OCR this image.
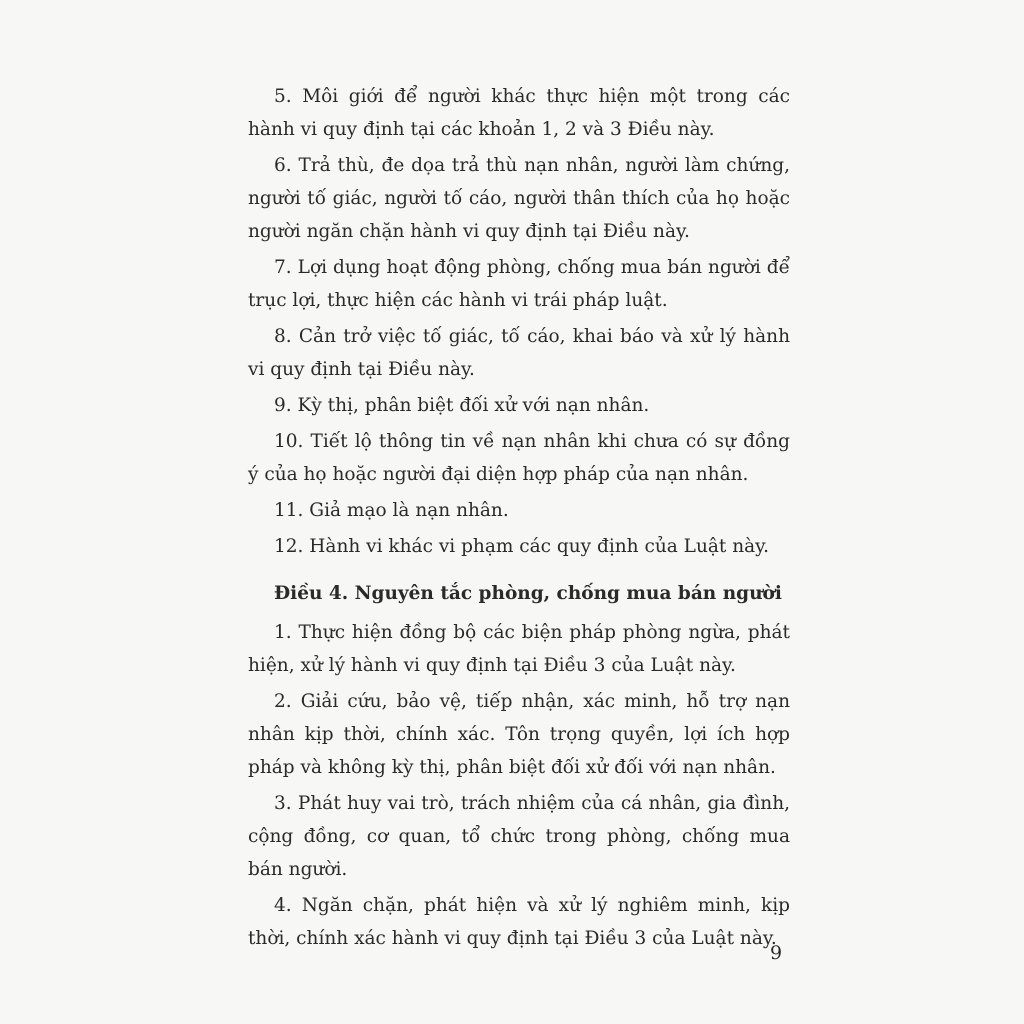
5. Môi giới để người khác thực hiện một trong các hành vi quy định tại các khoản 1, 2 và 3 Điều này.

6. Trả thù, đe dọa trả thù nạn nhân, người làm chứng, người tố giác, người tố cáo, người thân thích của họ hoặc người ngăn chặn hành vi quy định tại Điều này.

7. Lợi dụng hoạt động phòng, chống mua bán người để trục lợi, thực hiện các hành vi trái pháp luật.

8. Cản trở việc tố giác, tố cáo, khai báo và xử lý hành vi quy định tại Điều này.

9. Kỳ thị, phân biệt đối xử với nạn nhân.

10. Tiết lộ thông tin về nạn nhân khi chưa có sự đồng ý của họ hoặc người đại diện hợp pháp của nạn nhân.

11. Giả mạo là nạn nhân.

12. Hành vi khác vi phạm các quy định của Luật này.

Điều 4. Nguyên tắc phòng, chống mua bán người

1. Thực hiện đồng bộ các biện pháp phòng ngừa, phát hiện, xử lý hành vi quy định tại Điều 3 của Luật này.

2. Giải cứu, bảo vệ, tiếp nhận, xác minh, hỗ trợ nạn nhân kịp thời, chính xác. Tôn trọng quyền, lợi ích hợp pháp và không kỳ thị, phân biệt đối xử đối với nạn nhân.

3. Phát huy vai trò, trách nhiệm của cá nhân, gia đình, cộng đồng, cơ quan, tổ chức trong phòng, chống mua bán người.

4. Ngăn chặn, phát hiện và xử lý nghiêm minh, kịp thời, chính xác hành vi quy định tại Điều 3 của Luật này.

9
